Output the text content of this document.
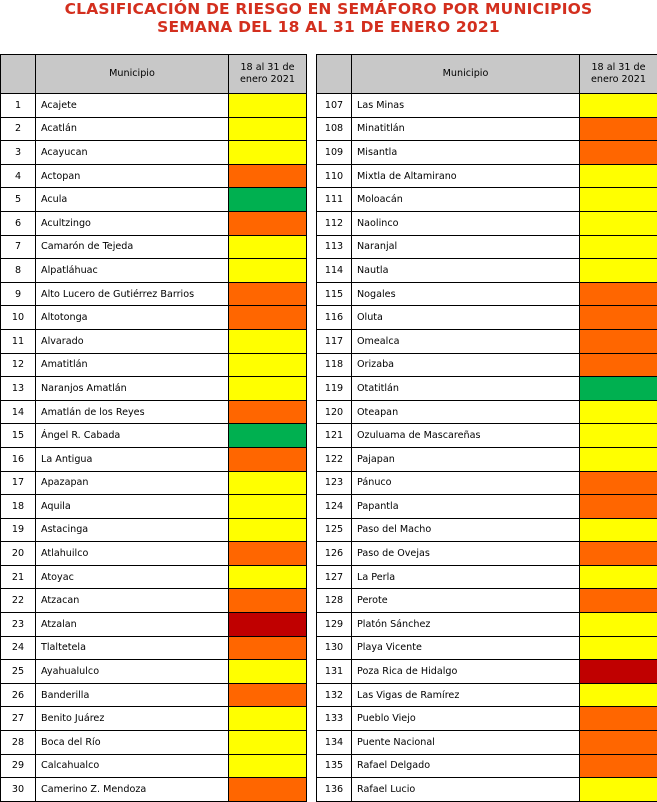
CLASIFICACIÓN DE RIESGO EN SEMÁFORO POR MUNICIPIOS
SEMANA DEL 18 AL 31 DE ENERO 2021
	Municipio	18 al 31 de enero 2021
1	Acajete	
2	Acatlán	
3	Acayucan	
4	Actopan	
5	Acula	
6	Acultzingo	
7	Camarón de Tejeda	
8	Alpatláhuac	
9	Alto Lucero de Gutiérrez Barrios	
10	Altotonga	
11	Alvarado	
12	Amatitlán	
13	Naranjos Amatlán	
14	Amatlán de los Reyes	
15	Ángel R. Cabada	
16	La Antigua	
17	Apazapan	
18	Aquila	
19	Astacinga	
20	Atlahuilco	
21	Atoyac	
22	Atzacan	
23	Atzalan	
24	Tlaltetela	
25	Ayahualulco	
26	Banderilla	
27	Benito Juárez	
28	Boca del Río	
29	Calcahualco	
30	Camerino Z. Mendoza	
	Municipio	18 al 31 de enero 2021
107	Las Minas	
108	Minatitlán	
109	Misantla	
110	Mixtla de Altamirano	
111	Moloacán	
112	Naolinco	
113	Naranjal	
114	Nautla	
115	Nogales	
116	Oluta	
117	Omealca	
118	Orizaba	
119	Otatitlán	
120	Oteapan	
121	Ozuluama de Mascareñas	
122	Pajapan	
123	Pánuco	
124	Papantla	
125	Paso del Macho	
126	Paso de Ovejas	
127	La Perla	
128	Perote	
129	Platón Sánchez	
130	Playa Vicente	
131	Poza Rica de Hidalgo	
132	Las Vigas de Ramírez	
133	Pueblo Viejo	
134	Puente Nacional	
135	Rafael Delgado	
136	Rafael Lucio	
